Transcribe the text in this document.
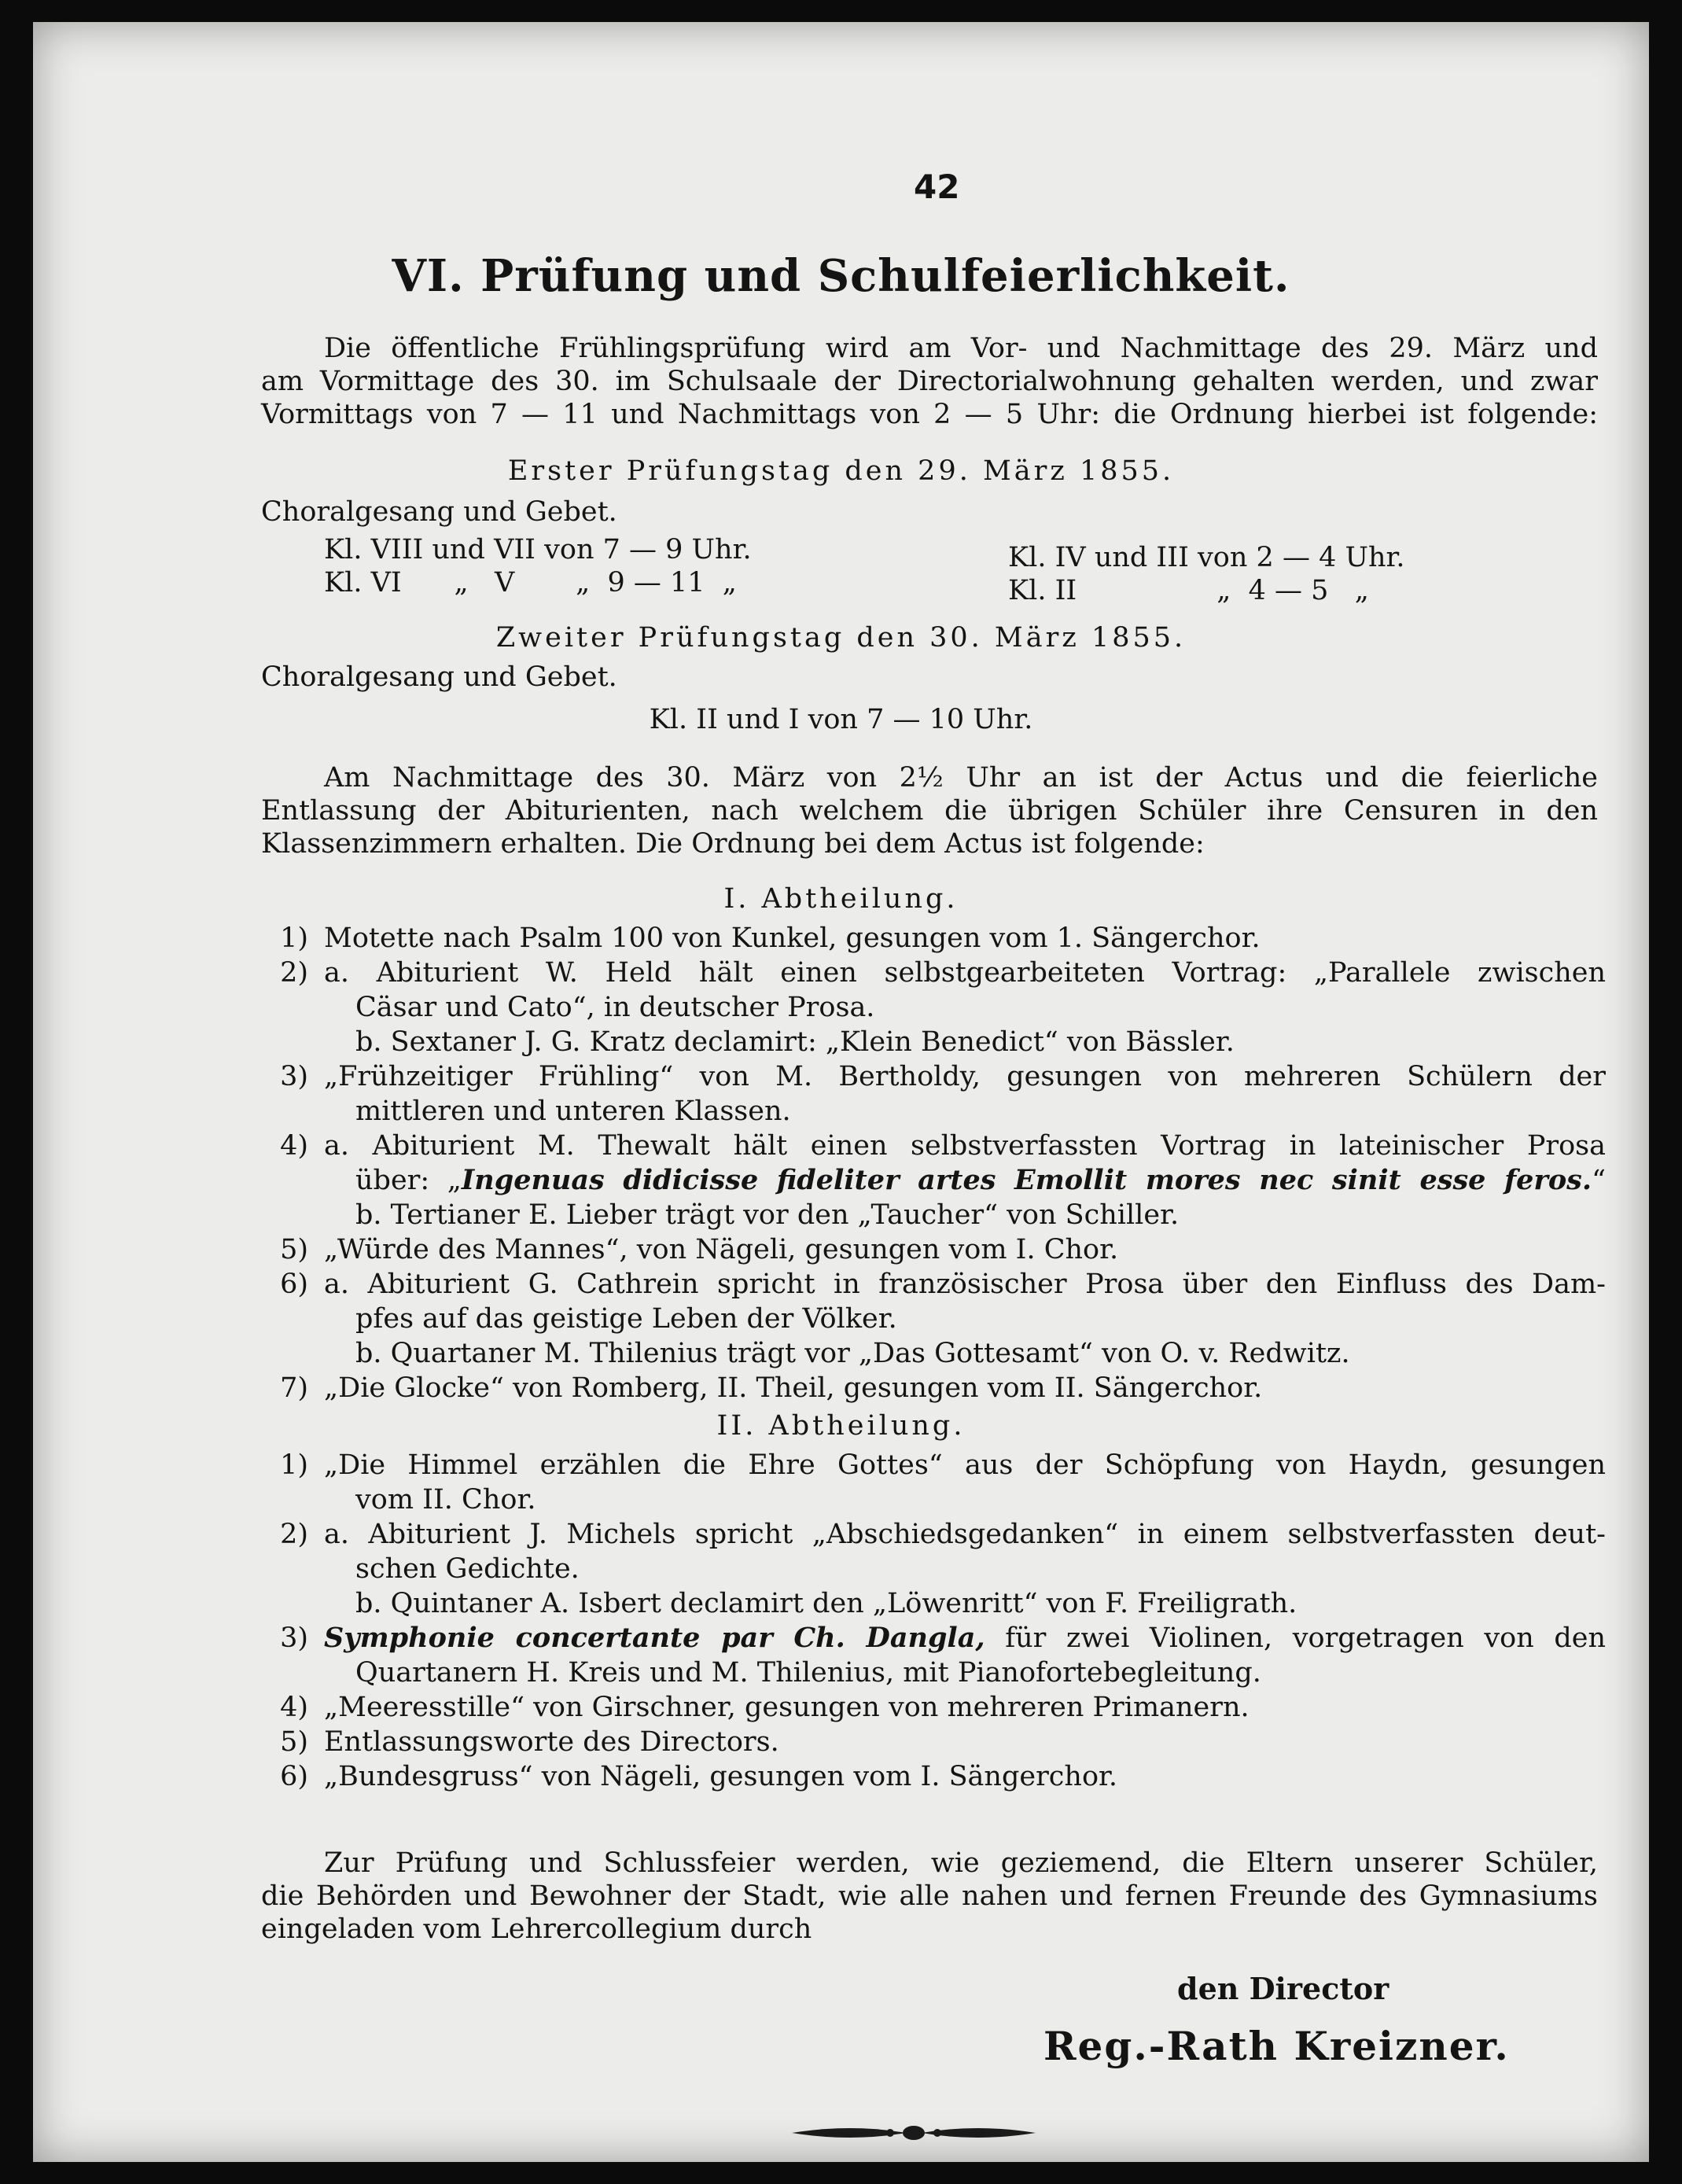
42
VI. Prüfung und Schulfeierlichkeit.
Die öffentliche Frühlingsprüfung wird am Vor- und Nachmittage des 29. März und
am Vormittage des 30. im Schulsaale der Directorialwohnung gehalten werden, und zwar
Vormittags von 7 — 11 und Nachmittags von 2 — 5 Uhr: die Ordnung hierbei ist folgende:
Erster Prüfungstag den 29. März 1855.
Choralgesang und Gebet.
Kl. VIII und VII von 7 — 9 Uhr.	Kl. IV und III von 2 — 4 Uhr.
Kl. VI      „   V       „  9 — 11  „	Kl. II                „  4 — 5   „
Zweiter Prüfungstag den 30. März 1855.
Choralgesang und Gebet.
Kl. II und I von 7 — 10 Uhr.
Am Nachmittage des 30. März von 2½ Uhr an ist der Actus und die feierliche
Entlassung der Abiturienten, nach welchem die übrigen Schüler ihre Censuren in den
Klassenzimmern erhalten. Die Ordnung bei dem Actus ist folgende:
I. Abtheilung.
1) Motette nach Psalm 100 von Kunkel, gesungen vom 1. Sängerchor.
2) a. Abiturient W. Held hält einen selbstgearbeiteten Vortrag: „Parallele zwischen
Cäsar und Cato“, in deutscher Prosa.
b. Sextaner J. G. Kratz declamirt: „Klein Benedict“ von Bässler.
3) „Frühzeitiger Frühling“ von M. Bertholdy, gesungen von mehreren Schülern der
mittleren und unteren Klassen.
4) a. Abiturient M. Thewalt hält einen selbstverfassten Vortrag in lateinischer Prosa
über: „Ingenuas didicisse fideliter artes Emollit mores nec sinit esse feros.“
b. Tertianer E. Lieber trägt vor den „Taucher“ von Schiller.
5) „Würde des Mannes“, von Nägeli, gesungen vom I. Chor.
6) a. Abiturient G. Cathrein spricht in französischer Prosa über den Einfluss des Dam-
pfes auf das geistige Leben der Völker.
b. Quartaner M. Thilenius trägt vor „Das Gottesamt“ von O. v. Redwitz.
7) „Die Glocke“ von Romberg, II. Theil, gesungen vom II. Sängerchor.
II. Abtheilung.
1) „Die Himmel erzählen die Ehre Gottes“ aus der Schöpfung von Haydn, gesungen
vom II. Chor.
2) a. Abiturient J. Michels spricht „Abschiedsgedanken“ in einem selbstverfassten deut-
schen Gedichte.
b. Quintaner A. Isbert declamirt den „Löwenritt“ von F. Freiligrath.
3) Symphonie concertante par Ch. Dangla, für zwei Violinen, vorgetragen von den
Quartanern H. Kreis und M. Thilenius, mit Pianofortebegleitung.
4) „Meeresstille“ von Girschner, gesungen von mehreren Primanern.
5) Entlassungsworte des Directors.
6) „Bundesgruss“ von Nägeli, gesungen vom I. Sängerchor.
Zur Prüfung und Schlussfeier werden, wie geziemend, die Eltern unserer Schüler,
die Behörden und Bewohner der Stadt, wie alle nahen und fernen Freunde des Gymnasiums
eingeladen vom Lehrercollegium durch
den Director
Reg.-Rath Kreizner.
